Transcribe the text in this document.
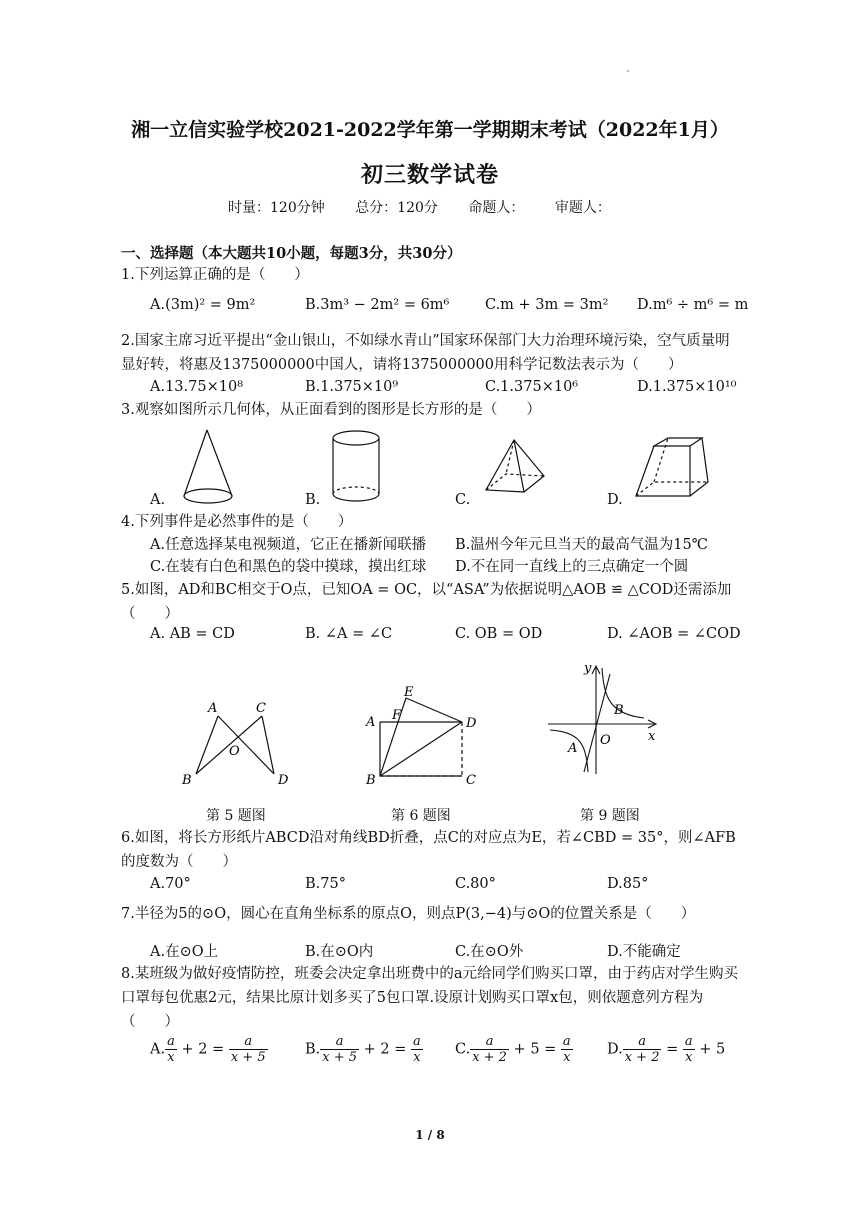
-
湘一立信实验学校2021-2022学年第一学期期末考试（2022年1月）
初三数学试卷
时量：120分钟 总分：120分 命题人： 审题人：
一、选择题（本大题共10小题，每题3分，共30分）
1.下列运算正确的是（　　）
A.(3m)² = 9m²	B.3m³ − 2m² = 6m⁶ C.m + 3m = 3m² D.m⁶ ÷ m⁶ = m
2.国家主席习近平提出“金山银山，不如绿水青山”国家环保部门大力治理环境污染，空气质量明显好转，将惠及1375000000中国人，请将1375000000用科学记数法表示为（　　）
A.13.75×10⁸	B.1.375×10⁹	C.1.375×10⁶	D.1.375×10¹⁰
3.观察如图所示几何体，从正面看到的图形是长方形的是（　　）
A.	B.	C.	D.
4.下列事件是必然事件的是（　　）
A.任意选择某电视频道，它正在播新闻联播 B.温州今年元旦当天的最高气温为15℃
C.在装有白色和黑色的袋中摸球，摸出红球 D.不在同一直线上的三点确定一个圆
5.如图，AD和BC相交于O点，已知OA = OC，以“ASA”为依据说明△AOB ≌ △COD还需添加（　　）
A. AB = CD	B. ∠A = ∠C	C. OB = OD	D. ∠AOB = ∠COD
A	C
O
B	D
第 5 题图
E
A F
D
B	C
第 6 题图
y
B
O
A
x
第 9 题图
6.如图，将长方形纸片ABCD沿对角线BD折叠，点C的对应点为E，若∠CBD = 35°，则∠AFB的度数为（　　）
A.70°	B.75°	C.80°	D.85°
7.半径为5的⊙O，圆心在直角坐标系的原点O，则点P(3,−4)与⊙O的位置关系是（　　）
A.在⊙O上	B.在⊙O内	C.在⊙O外	D.不能确定
8.某班级为做好疫情防控，班委会决定拿出班费中的a元给同学们购买口罩，由于药店对学生购买口罩每包优惠2元，结果比原计划多买了5包口罩.设原计划购买口罩x包，则依题意列方程为（　　）
A. $\frac{a}{x} + 2 = \frac{a}{x + 5}$	B. $\frac{a}{x + 5} + 2 = \frac{a}{x} C$. $\frac{a}{x + 2} + 5 = \frac{a}{x} D$. $\frac{a}{x + 2} = \frac{a}{x} + 5$
1 / 8
